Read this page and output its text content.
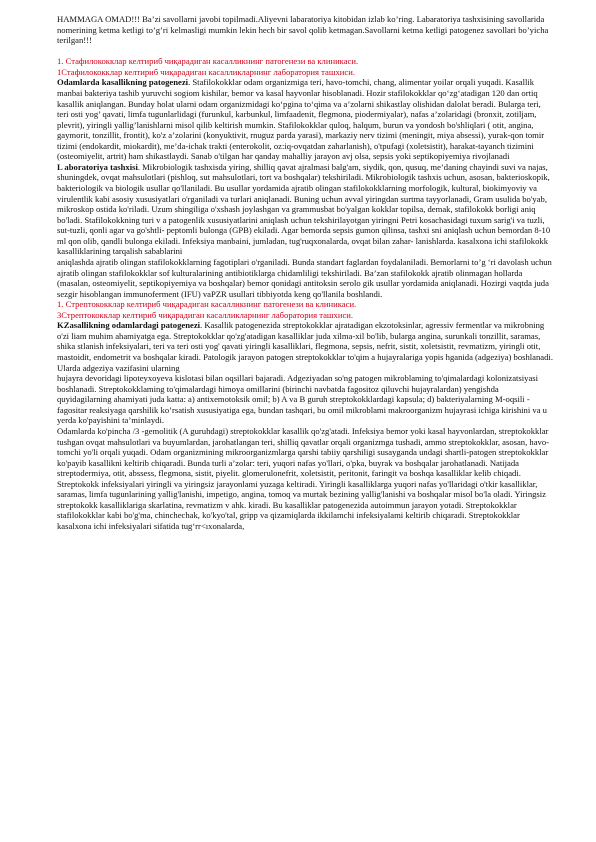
HAMMAGA OMAD!!! Ba’zi savollarni javobi topilmadi.Aliyevni labaratoriya kitobidan izlab ko’ring. Labaratoriya tashxisining savollarida nomerining ketma ketligi to’g’ri kelmasligi mumkin lekin hech bir savol qolib ketmagan.Savollarni ketma ketligi patogenez savollari bo’yicha terilgan!!!

1. Стафилококклар келтириб чиқарадиган касалликнинг патогенези ва клиникаси.

1Стафилококклар келтириб чиқарадиган касалликларнинг лаборатория ташхиси.

Odamlarda kasallikning patogenezi. Stafilokokklar odam organizmiga teri, havo-tomchi, chang, alimentar yoilar orqali yuqadi. Kasallik manbai bakteriya tashib yuruvchi sogiom kishilar, bemor va kasal hayvonlar hisoblanadi. Hozir stafilokokklar qo‘zg‘atadigan 120 dan ortiq kasallik aniqlangan. Bunday holat ularni odam organizmidagi ko‘pgina to‘qima va a’zolarni shikastlay olishidan dalolat beradi. Bularga teri, teri osti yog’ qavati, limfa tugunlarlidagi (furunkul, karbunkul, limfaadenit, flegmona, piodermiyalar), nafas a’zolaridagi (bronxit, zotiljam, plevrit), yiringli yallig’lanishlarni misol qilib keltirish mumkin. Stafilokokklar quloq, halqum, burun va yondosh bo'shliqlari ( otit, angina, gaymorit, tonzillit, frontit), ko'z a’zolarini (konyuktivit, rnuguz parda yarasi), markaziy nerv tizimi (meningit, miya absessi), yurak-qon tomir tizimi (endokardit, miokardit), me’da-ichak trakti (enterokolit, oz:iq-ovqatdan zaharlanish), o'tpufagi (xoletsistit), harakat-tayanch tizimini (osteomiyelit, artrit) ham shikastlaydi. Sanab o'tilgan har qanday mahalliy jarayon avj olsa, sepsis yoki septikopiyemiya rivojlanadi

L aboratoriya tashxisi. Mikrobiologik tashxisda yiring, shilliq qavat ajralmasi balg'am, siydik, qon, qusuq, me’daning chayindi suvi va najas, shuningdek, ovqat mahsulotlari (pishloq, sut mahsulotlari, tort va boshqalar) tekshiriladi. Mikrobiologik tashxis uchun, asosan, bakterioskopik, bakteriologik va biologik usullar qo'llaniladi. Bu usullar yordamida ajratib olingan stafilokokklarning morfologik, kultural, biokimyoviy va virulentlik kabi asosiy xususiyatlari o'rganiladi va turlari aniqlanadi. Buning uchun avval yiringdan surtma tayyorlanadi, Gram usulida bo'yab, mikroskop ostida ko'riladi. Uzum shingiliga o'xshash joylashgan va grammusbat bo'yalgan kokklar topilsa, demak, stafilokokk borligi aniq bo'ladi. Stafilokokkning turi v a patogenlik xususiyatlarini aniqlash uchun tekshirilayotgan yiringni Petri kosachasidagi tuxum sarig'i va tuzli, sut-tuzli, qonli agar va go'shtli- peptomli bulonga (GPB) ekiladi. Agar bemorda sepsis gumon qilinsa, tashxi sni aniqlash uchun bemordan 8-10 ml qon olib, qandli bulonga ekiladi. Infeksiya manbaini, jumladan, tug'ruqxonalarda, ovqat bilan zahar- lanishlarda. kasalxona ichi stafilokokk kasalliklarining tarqalish sabablarini

aniqlashda ajratib olingan stafilokokklarning fagotiplari o'rganiladi. Bunda standart faglardan foydalaniladi. Bemorlarni to’g ‘ri davolash uchun ajratib olingan stafilokokklar sof kulturalarining antibiotiklarga chidamliligi tekshiriladi. Ba’zan stafilokokk ajratib olinmagan hollarda (masalan, osteomiyelit, septikopiyemiya va boshqalar) bemor qonidagi antitoksin serolo gik usullar yordamida aniqlanadi. Hozirgi vaqtda juda sezgir hisoblangan immunoferment (IFU) vaPZR usullari tibbiyotda keng qo'llanila boshlandi.

1. Стрептококклар келтириб чиқарадиган касалликнинг патогенези ва клиникаси.

3Стрептококклар келтириб чиқарадиган касалликларнинг лаборатория ташхиси.

KZasallikning odamlardagi patogenezi. Kasallik patogenezida streptokokklar ajratadigan ekzotoksinlar, agressiv fermentlar va mikrobning o'zi liam muhim ahamiyatga ega. Streptokokklar qo'zg'atadigan kasalliklar juda xilma-xil bo'lib, bularga angina, surunkali tonzillit, saramas, shika stlanish infeksiyalari, teri va teri osti yog' qavati yiringli kasalliklari, flegmona, sepsis, nefrit, sistit, xoletsistit, revmatizm, yiringli otit, mastoidit, endometrit va boshqalar kiradi. Patologik jarayon patogen streptokokklar to'qim a hujayralariga yopis hganida (adgeziya) boshlanadi. Ularda adgeziya vazifasini ularning

hujayra devoridagi lipoteyxoyeva kislotasi bilan oqsillari bajaradi. Adgeziyadan so'ng patogen mikroblaming to'qimalardagi kolonizatsiyasi boshlanadi. Streptokokklaming to'qimalardagi himoya omillarini (birinchi navbatda fagositoz qiluvchi hujayralardan) yengishda quyidagilarning ahamiyati juda katta: a) antixemotoksik omil; b) A va B guruh streptokokklardagi kapsula; d) bakteriyalarning M-oqsili -fagositar reaksiyaga qarshilik ko’rsatish xususiyatiga ega, bundan tashqari, bu omil mikroblami makroorganizm hujayrasi ichiga kirishini va u yerda ko'payishini ta’minlaydi.

Odamlarda ko'pincha /3 -gemolitik (A guruhdagi) streptokokklar kasallik qo'zg'atadi. Infeksiya bemor yoki kasal hayvonlardan, streptokokklar tushgan ovqat mahsulotlari va buyumlardan, jarohatlangan teri, shilliq qavatlar orqali organizmga tushadi, ammo streptokokklar, asosan, havo- tomchi yo'li orqali yuqadi. Odam organizmining mikroorganizmlarga qarshi tabiiy qarshiligi susayganda undagi shartli-patogen streptokokklar ko'payib kasallikni keltirib chiqaradi. Bunda turli a’zolar: teri, yuqori nafas yo'llari, o'pka, buyrak va boshqalar jarohatlanadi. Natijada streptodermiya, otit, abssess, flegmona, sistit, piyelit. glomerulonefrit, xoletsistit, peritonit, faringit va boshqa kasalliklar kelib chiqadi. Streptokokk infeksiyalari yiringli va yiringsiz jarayonlami yuzaga keltiradi. Yiringli kasalliklarga yuqori nafas yo'llaridagi o'tkir kasalliklar, saramas, limfa tugunlarining yallig'lanishi, impetigo, angina, tomoq va murtak bezining yallig'lanishi va boshqalar misol bo'la oladi. Yiringsiz streptokokk kasalliklariga skarlatina, revmatizm v ahk. kiradi. Bu kasalliklar patogenezida autoimmun jarayon yotadi. Streptokokklar stafilokokklar kabi bo'g'ma, chinchechak, ko'kyo'tal, gripp va qizamiqlarda ikkilamchi infeksiyalami keltirib chiqaradi. Streptokokklar kasalxona ichi infeksiyalari sifatida tug‘rr<ıxonalarda,
